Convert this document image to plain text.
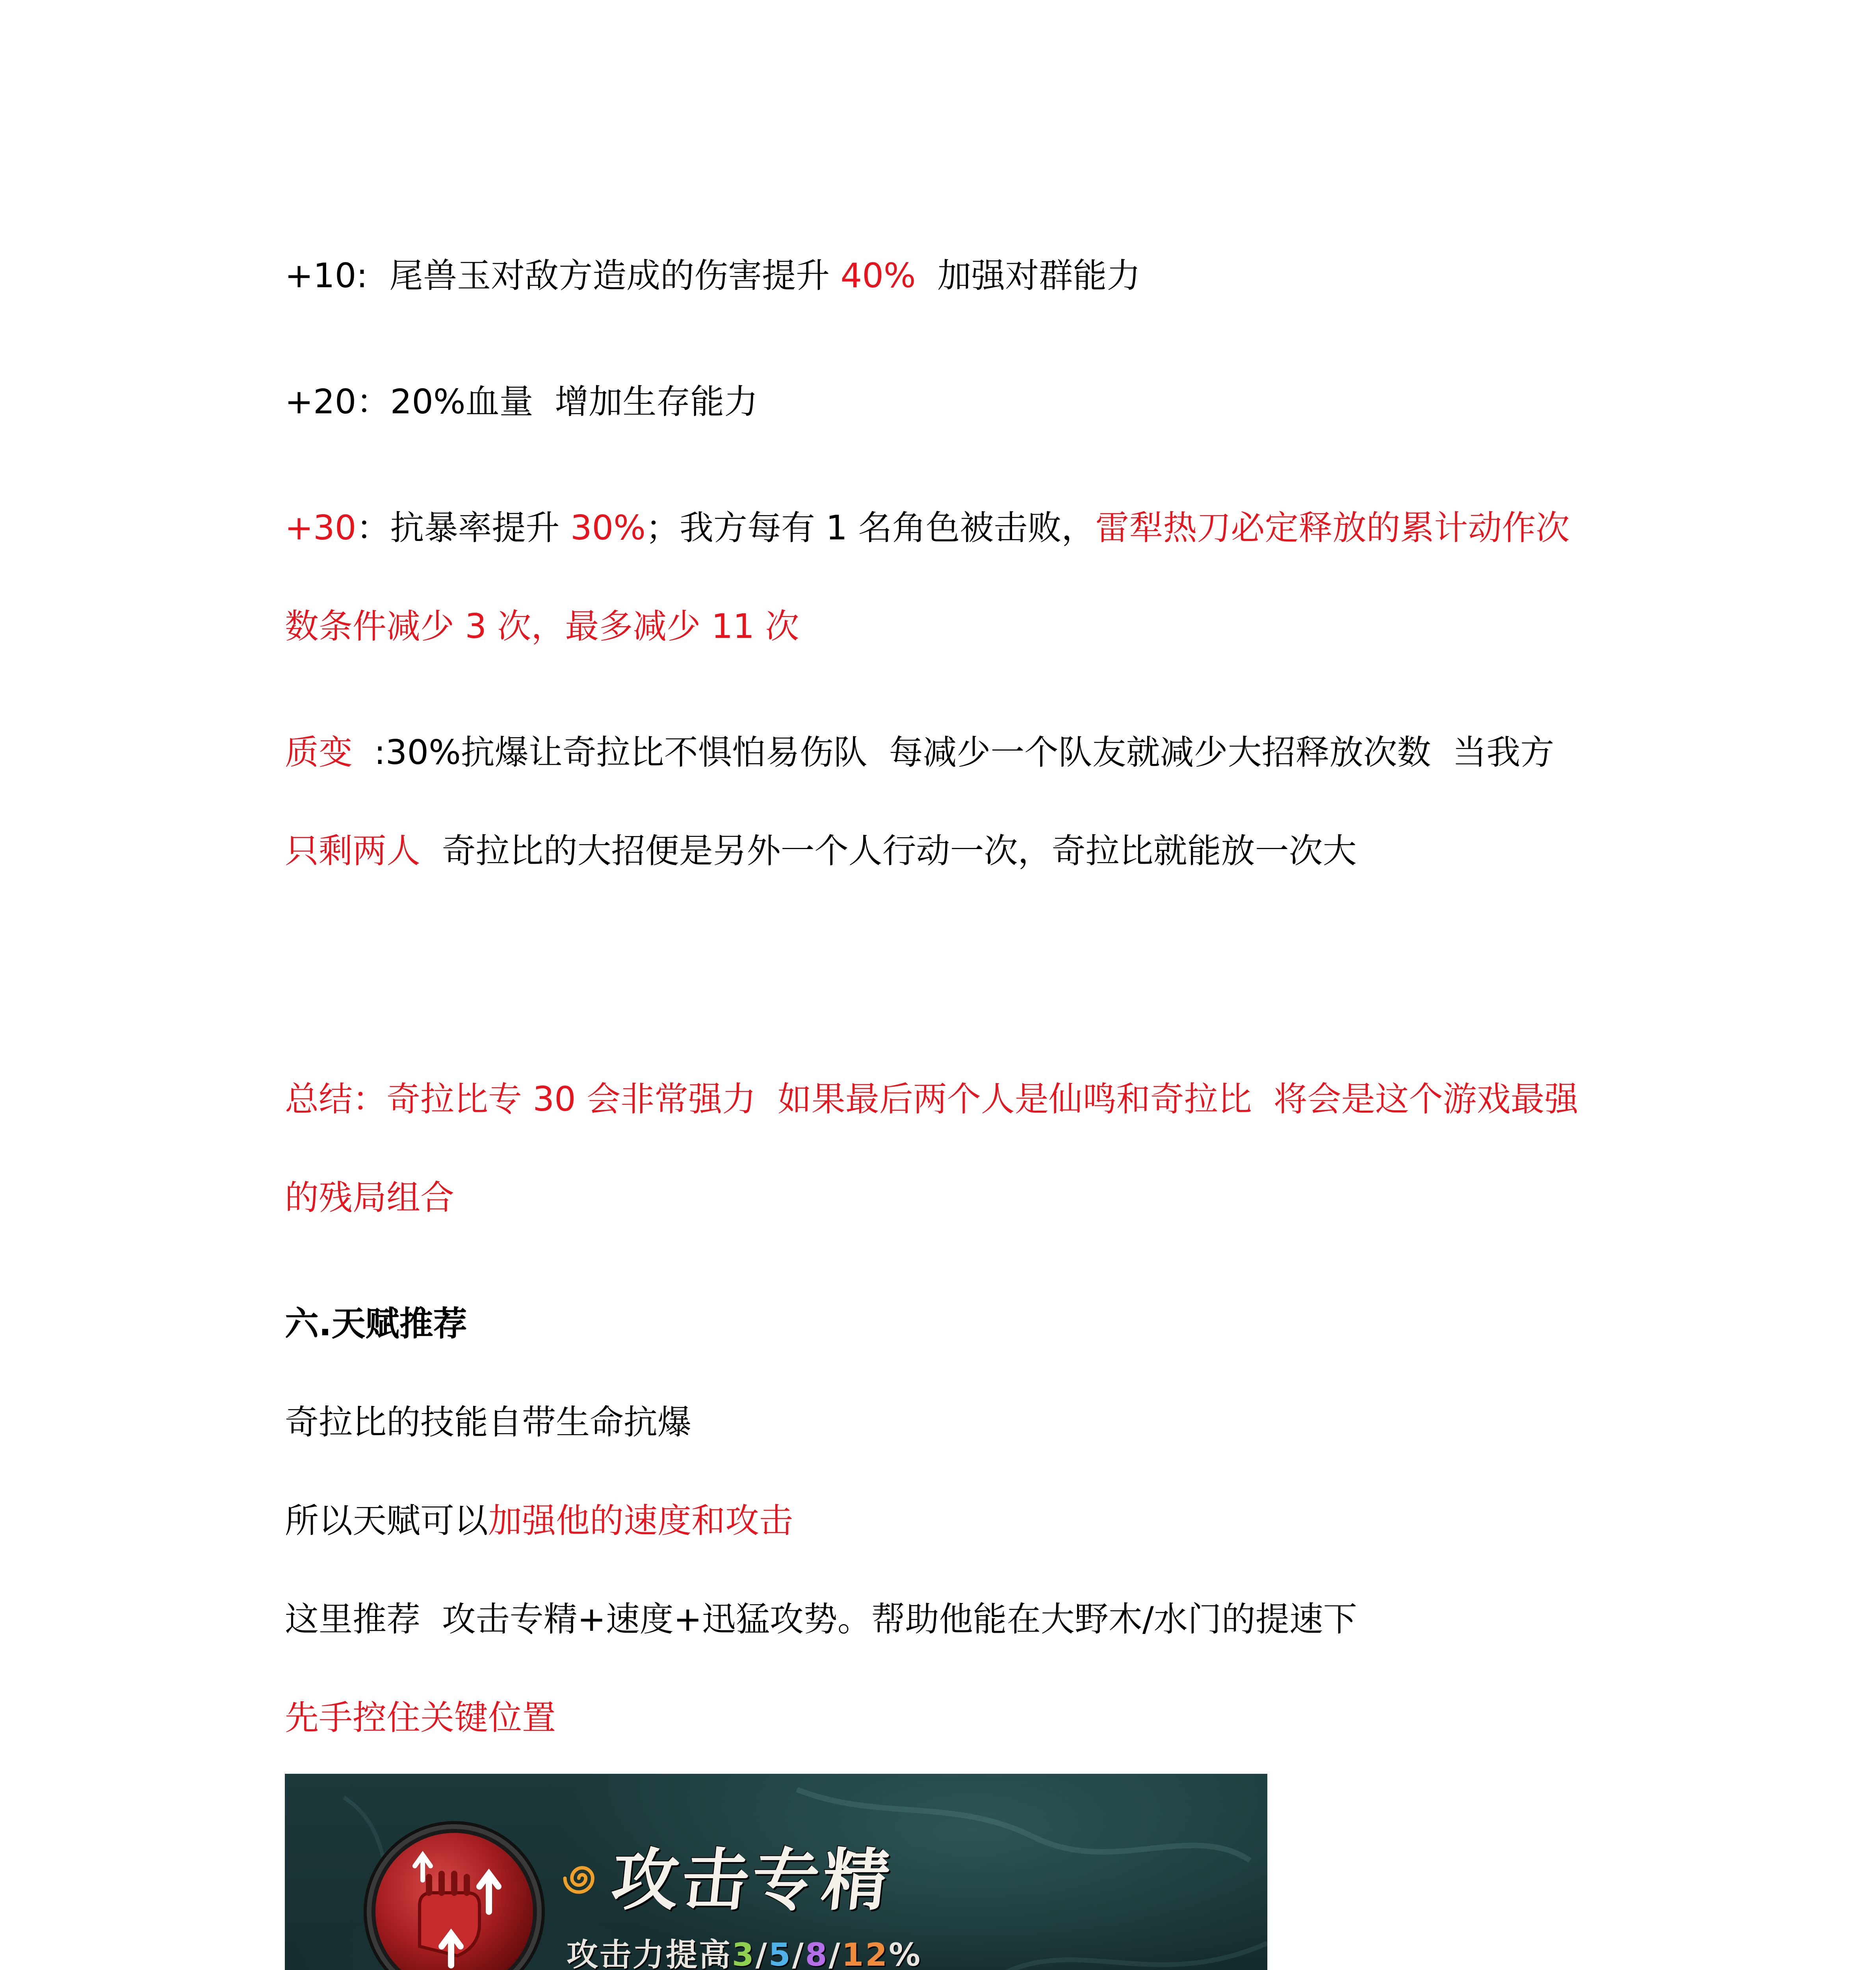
+10:  尾兽玉对敌方造成的伤害提升 40%  加强对群能力

+20：20%血量  增加生存能力

+30：抗暴率提升 30%；我方每有 1 名角色被击败，雷犁热刀必定释放的累计动作次

数条件减少 3 次，最多减少 11 次

质变  :30%抗爆让奇拉比不惧怕易伤队  每减少一个队友就减少大招释放次数  当我方

只剩两人  奇拉比的大招便是另外一个人行动一次，奇拉比就能放一次大

总结：奇拉比专 30 会非常强力  如果最后两个人是仙鸣和奇拉比  将会是这个游戏最强

的残局组合

六.天赋推荐

奇拉比的技能自带生命抗爆

所以天赋可以加强他的速度和攻击

这里推荐  攻击专精+速度+迅猛攻势。帮助他能在大野木/水门的提速下

先手控住关键位置

攻击专精

攻击力提高3/5/8/12%
